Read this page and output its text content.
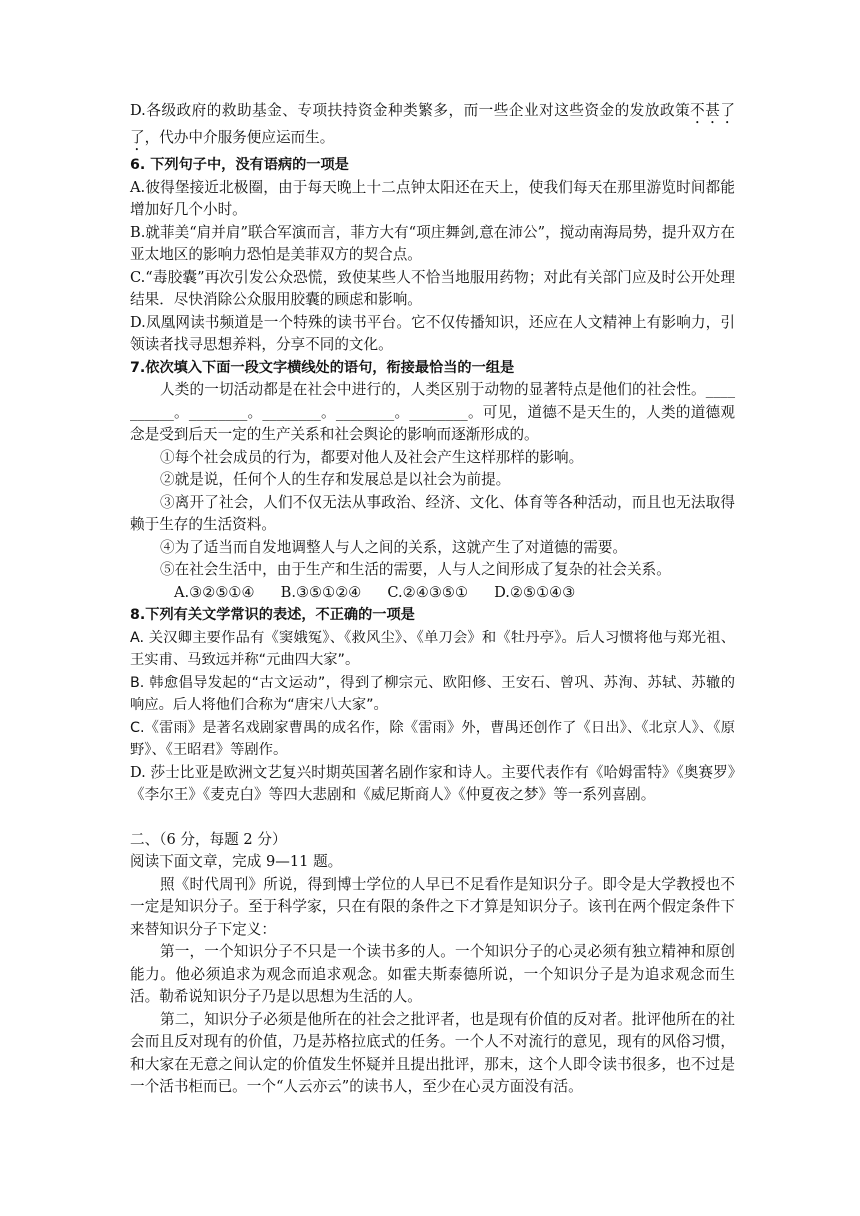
D.各级政府的救助基金、专项扶持资金种类繁多，而一些企业对这些资金的发放政策不甚了了，代办中介服务便应运而生。

6. 下列句子中，没有语病的一项是

A.彼得堡接近北极圈，由于每天晚上十二点钟太阳还在天上，使我们每天在那里游览时间都能增加好几个小时。

B.就菲美“肩并肩”联合军演而言，菲方大有“项庄舞剑,意在沛公”，搅动南海局势，提升双方在亚太地区的影响力恐怕是美菲双方的契合点。

C.“毒胶囊”再次引发公众恐慌，致使某些人不恰当地服用药物；对此有关部门应及时公开处理结果．尽快消除公众服用胶囊的顾虑和影响。

D.凤凰网读书频道是一个特殊的读书平台。它不仅传播知识，还应在人文精神上有影响力，引领读者找寻思想养料，分享不同的文化。

7.依次填入下面一段文字横线处的语句，衔接最恰当的一组是

人类的一切活动都是在社会中进行的，人类区别于动物的显著特点是他们的社会性。__________。________。________。________。________。可见，道德不是天生的，人类的道德观念是受到后天一定的生产关系和社会舆论的影响而逐渐形成的。

①每个社会成员的行为，都要对他人及社会产生这样那样的影响。

②就是说，任何个人的生存和发展总是以社会为前提。

③离开了社会，人们不仅无法从事政治、经济、文化、体育等各种活动，而且也无法取得赖于生存的生活资料。

④为了适当而自发地调整人与人之间的关系，这就产生了对道德的需要。

⑤在社会生活中，由于生产和生活的需要，人与人之间形成了复杂的社会关系。

A.③②⑤①④ B.③⑤①②④ C.②④③⑤① D.②⑤①④③

8.下列有关文学常识的表述，不正确的一项是

A. 关汉卿主要作品有《窦娥冤》、《救风尘》、《单刀会》和《牡丹亭》。后人习惯将他与郑光祖、王实甫、马致远并称“元曲四大家”。

B. 韩愈倡导发起的“古文运动”，得到了柳宗元、欧阳修、王安石、曾巩、苏洵、苏轼、苏辙的响应。后人将他们合称为“唐宋八大家”。

C.《雷雨》是著名戏剧家曹禺的成名作，除《雷雨》外，曹禺还创作了《日出》、《北京人》、《原野》、《王昭君》等剧作。

D. 莎士比亚是欧洲文艺复兴时期英国著名剧作家和诗人。主要代表作有《哈姆雷特》《奥赛罗》《李尔王》《麦克白》等四大悲剧和《威尼斯商人》《仲夏夜之梦》等一系列喜剧。

二、（6 分，每题 2 分）

阅读下面文章，完成 9—11 题。

照《时代周刊》所说，得到博士学位的人早已不足看作是知识分子。即令是大学教授也不一定是知识分子。至于科学家，只在有限的条件之下才算是知识分子。该刊在两个假定条件下来替知识分子下定义：

第一，一个知识分子不只是一个读书多的人。一个知识分子的心灵必须有独立精神和原创能力。他必须追求为观念而追求观念。如霍夫斯泰德所说，一个知识分子是为追求观念而生活。勒希说知识分子乃是以思想为生活的人。

第二，知识分子必须是他所在的社会之批评者，也是现有价值的反对者。批评他所在的社会而且反对现有的价值，乃是苏格拉底式的任务。一个人不对流行的意见，现有的风俗习惯，和大家在无意之间认定的价值发生怀疑并且提出批评，那末，这个人即令读书很多，也不过是一个活书柜而已。一个“人云亦云”的读书人，至少在心灵方面没有活。
